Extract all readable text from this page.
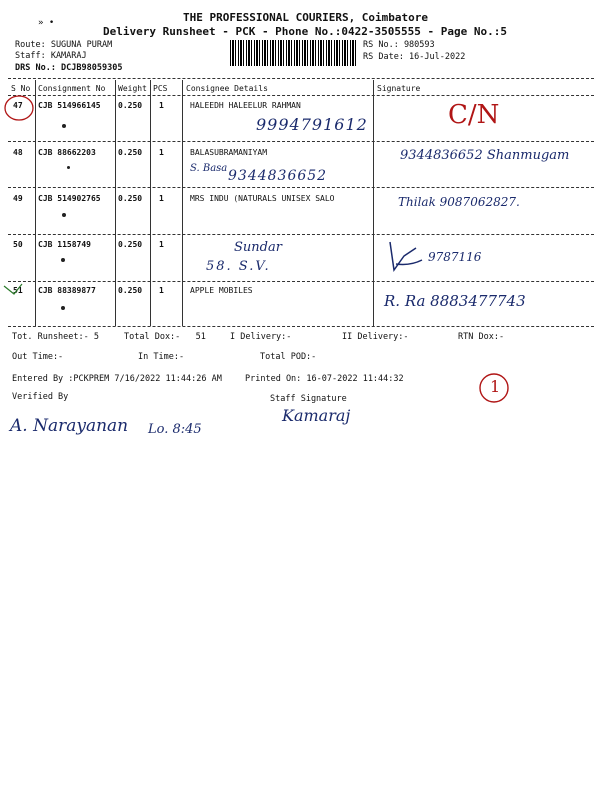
» •	THE PROFESSIONAL COURIERS, Coimbatore
Delivery Runsheet - PCK - Phone No.:0422-3505555 - Page No.:5
Route: SUGUNA PURAM
Staff: KAMARAJ
DRS No.: DCJB98059305
RS No.: 980593
RS Date: 16-Jul-2022
S No Consignment No Weight PCS Consignee Details	Signature
47 CJB 514966145 0.250 1	HALEEDH HALEELUR RAHMAN
9994791612	C/N
48 CJB 88662203	0.250 1	BALASUBRAMANIYAM
S. Basa 9344836652
9344836652 Shanmugam
49 CJB 514902765 0.250 1	MRS INDU (NATURALS UNISEX SALO	Thilak 9087062827.
50 CJB 1158749	0.250 1	Sundar
58. S.V.
9787116
51 CJB 88389877	0.250 1	APPLE MOBILES
R. Ra 8883477743
Tot. Runsheet:- 5	Total Dox:-   51	I Delivery:-	II Delivery:-	RTN Dox:-
Out Time:-	In Time:-	Total POD:-
Entered By :PCKPREM 7/16/2022 11:44:26 AM	Printed On: 16-07-2022 11:44:32
Verified By	Staff Signature
1
A. Narayanan Lo. 8:45
Kamaraj
